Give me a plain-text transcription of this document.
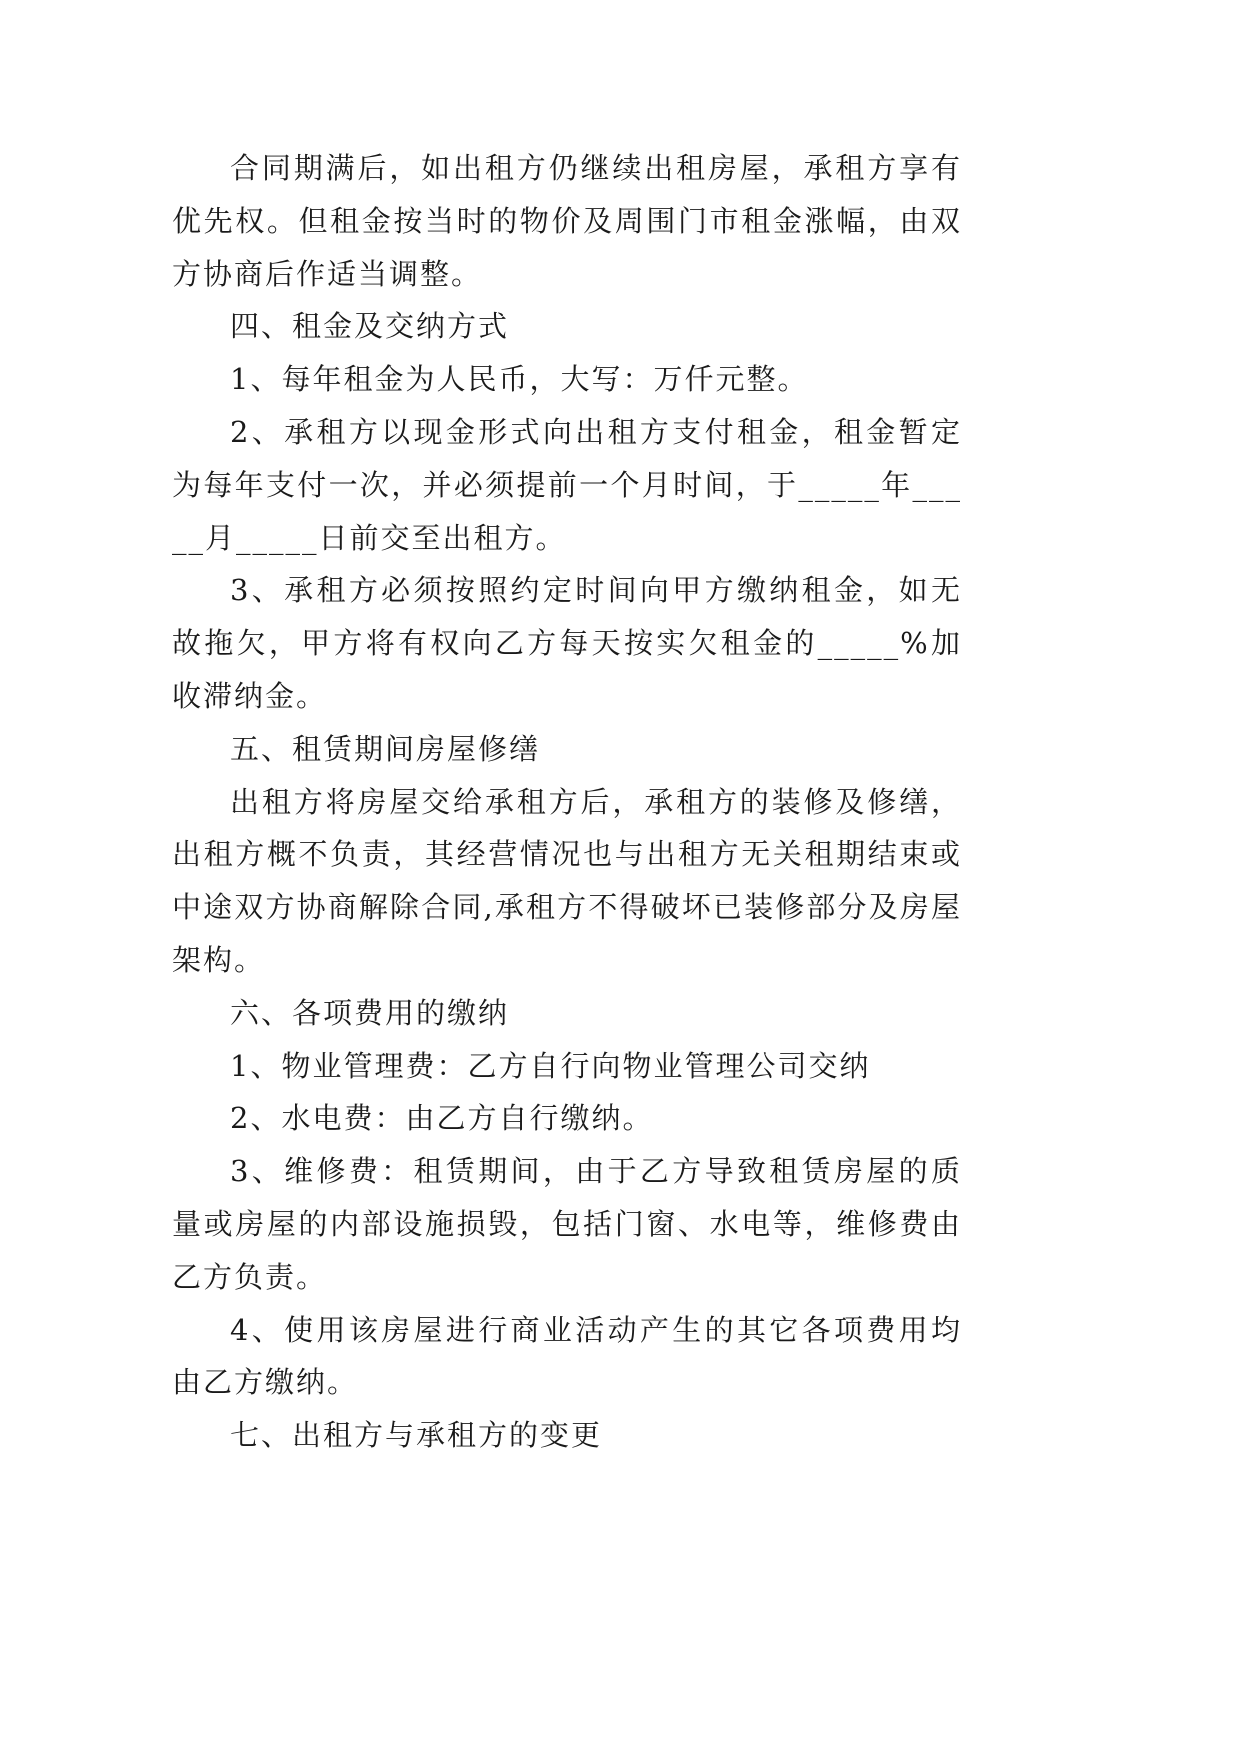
合同期满后，如出租方仍继续出租房屋，承租方享有优先权。但租金按当时的物价及周围门市租金涨幅，由双方协商后作适当调整。

四、租金及交纳方式

1、每年租金为人民币，大写：万仟元整。

2、承租方以现金形式向出租方支付租金，租金暂定为每年支付一次，并必须提前一个月时间，于_____年_____月_____日前交至出租方。

3、承租方必须按照约定时间向甲方缴纳租金，如无故拖欠，甲方将有权向乙方每天按实欠租金的_____%加收滞纳金。

五、租赁期间房屋修缮

出租方将房屋交给承租方后，承租方的装修及修缮，出租方概不负责，其经营情况也与出租方无关租期结束或中途双方协商解除合同,承租方不得破坏已装修部分及房屋架构。

六、各项费用的缴纳

1、物业管理费：乙方自行向物业管理公司交纳

2、水电费：由乙方自行缴纳。

3、维修费：租赁期间，由于乙方导致租赁房屋的质量或房屋的内部设施损毁，包括门窗、水电等，维修费由乙方负责。

4、使用该房屋进行商业活动产生的其它各项费用均由乙方缴纳。

七、出租方与承租方的变更
